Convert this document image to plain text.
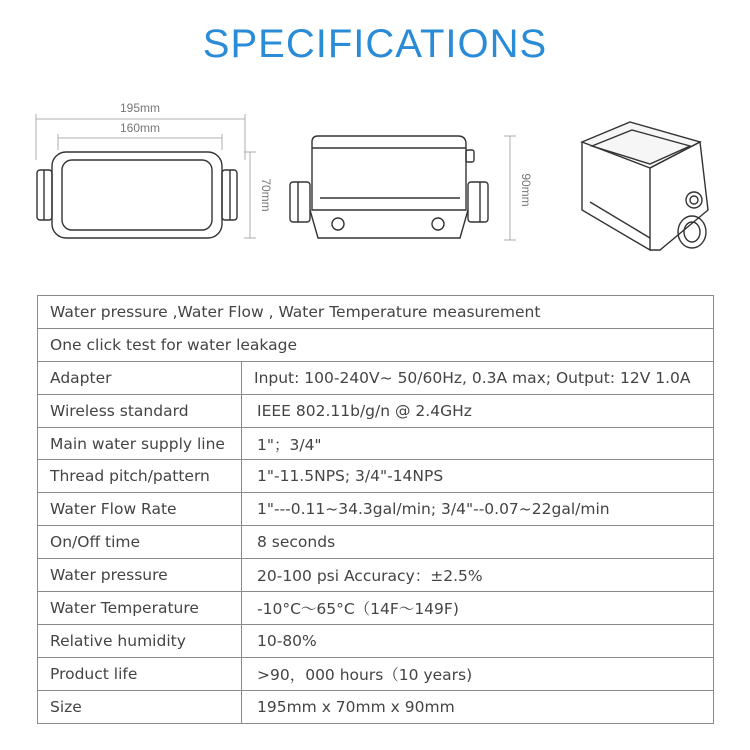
SPECIFICATIONS
195mm
160mm
70mm	90mm
Water pressure ,Water Flow , Water Temperature measurement	
One click test for water leakage	
Adapter	Input: 100-240V~ 50/60Hz, 0.3A max; Output: 12V 1.0A
Wireless standard	IEEE 802.11b/g/n @ 2.4GHz
Main water supply line	1"；3/4"
Thread pitch/pattern	1"-11.5NPS; 3/4"-14NPS
Water Flow Rate	1"---0.11~34.3gal/min; 3/4"--0.07~22gal/min
On/Off time	8 seconds
Water pressure	20-100 psi Accuracy：±2.5%
Water Temperature	-10°C～65°C（14F～149F)
Relative humidity	10-80%
Product life	>90，000 hours（10 years)
Size	195mm x 70mm x 90mm
